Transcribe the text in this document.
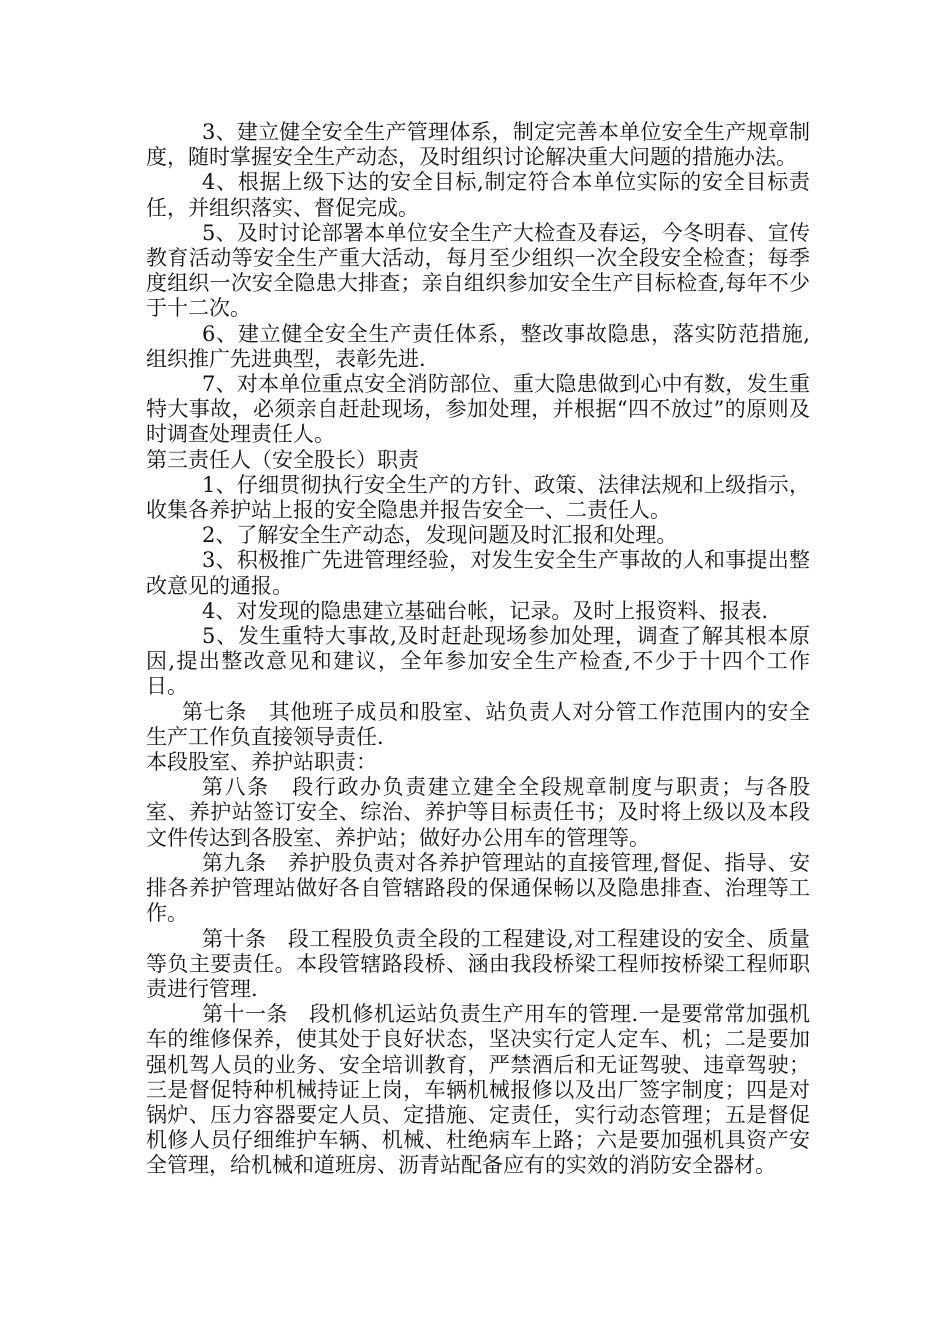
3、建立健全安全生产管理体系，制定完善本单位安全生产规章制度，随时掌握安全生产动态，及时组织讨论解决重大问题的措施办法。

4、根据上级下达的安全目标,制定符合本单位实际的安全目标责任，并组织落实、督促完成。

5、及时讨论部署本单位安全生产大检查及春运，今冬明春、宣传教育活动等安全生产重大活动，每月至少组织一次全段安全检查；每季度组织一次安全隐患大排查；亲自组织参加安全生产目标检查,每年不少于十二次。

6、建立健全安全生产责任体系，整改事故隐患，落实防范措施,组织推广先进典型，表彰先进.

7、对本单位重点安全消防部位、重大隐患做到心中有数，发生重特大事故，必须亲自赶赴现场，参加处理，并根据“四不放过”的原则及时调查处理责任人。

第三责任人（安全股长）职责

1、仔细贯彻执行安全生产的方针、政策、法律法规和上级指示，收集各养护站上报的安全隐患并报告安全一、二责任人。

2、了解安全生产动态，发现问题及时汇报和处理。

3、积极推广先进管理经验，对发生安全生产事故的人和事提出整改意见的通报。

4、对发现的隐患建立基础台帐，记录。及时上报资料、报表.

5、发生重特大事故,及时赶赴现场参加处理，调查了解其根本原因,提出整改意见和建议，全年参加安全生产检查,不少于十四个工作日。

第七条　其他班子成员和股室、站负责人对分管工作范围内的安全生产工作负直接领导责任.

本段股室、养护站职责：

第八条　段行政办负责建立建全全段规章制度与职责；与各股室、养护站签订安全、综治、养护等目标责任书；及时将上级以及本段文件传达到各股室、养护站；做好办公用车的管理等。

第九条　养护股负责对各养护管理站的直接管理,督促、指导、安排各养护管理站做好各自管辖路段的保通保畅以及隐患排查、治理等工作。

第十条　段工程股负责全段的工程建设,对工程建设的安全、质量等负主要责任。本段管辖路段桥、涵由我段桥梁工程师按桥梁工程师职责进行管理.

第十一条　段机修机运站负责生产用车的管理.一是要常常加强机车的维修保养，使其处于良好状态，坚决实行定人定车、机；二是要加强机驾人员的业务、安全培训教育，严禁酒后和无证驾驶、违章驾驶；三是督促特种机械持证上岗，车辆机械报修以及出厂签字制度；四是对锅炉、压力容器要定人员、定措施、定责任，实行动态管理；五是督促机修人员仔细维护车辆、机械、杜绝病车上路；六是要加强机具资产安全管理，给机械和道班房、沥青站配备应有的实效的消防安全器材。
